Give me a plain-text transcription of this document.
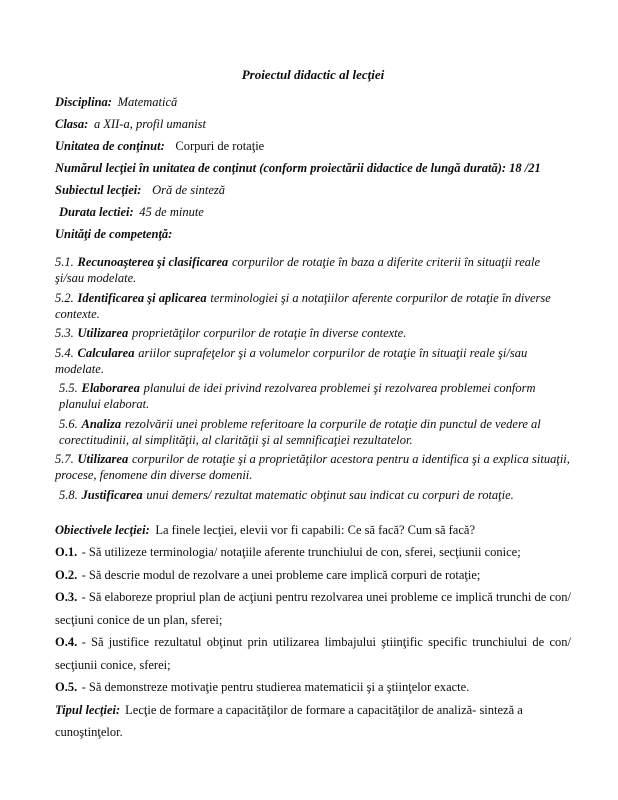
Proiectul didactic al lecţiei

Disciplina: Matematică

Clasa: a XII-a, profil umanist

Unitatea de conţinut: Corpuri de rotaţie

Numărul lecţiei în unitatea de conţinut (conform proiectării didactice de lungă durată): 18 /21

Subiectul lecţiei: Oră de sinteză

Durata lectiei: 45 de minute

Unităţi de competenţă:

5.1. Recunoaşterea şi clasificarea corpurilor de rotaţie în baza a diferite criterii în situaţii reale şi/sau modelate.

5.2. Identificarea şi aplicarea terminologiei şi a notaţiilor aferente corpurilor de rotaţie în diverse contexte.

5.3. Utilizarea proprietăţilor corpurilor de rotaţie în diverse contexte.

5.4. Calcularea ariilor suprafeţelor şi a volumelor corpurilor de rotaţie în situaţii reale şi/sau modelate.

5.5. Elaborarea planului de idei privind rezolvarea problemei şi rezolvarea problemei conform planului elaborat.

5.6. Analiza rezolvării unei probleme referitoare la corpurile de rotaţie din punctul de vedere al corectitudinii, al simplităţii, al clarităţii şi al semnificaţiei rezultatelor.

5.7. Utilizarea corpurilor de rotaţie şi a proprietăţilor acestora pentru a identifica şi a explica situaţii, procese, fenomene din diverse domenii.

5.8. Justificarea unui demers/ rezultat matematic obţinut sau indicat cu corpuri de rotaţie.

Obiectivele lecţiei: La finele lecţiei, elevii vor fi capabili: Ce să facă? Cum să facă?

O.1. - Să utilizeze terminologia/ notaţiile aferente trunchiului de con, sferei, secţiunii conice;

O.2. - Să descrie modul de rezolvare a unei probleme care implică corpuri de rotaţie;

O.3. - Să elaboreze propriul plan de acţiuni pentru rezolvarea unei probleme ce implică trunchi de con/ secţiuni conice de un plan, sferei;

O.4. - Să justifice rezultatul obţinut prin utilizarea limbajului ştiinţific specific trunchiului de con/ secţiunii conice, sferei;

O.5. - Să demonstreze motivaţie pentru studierea matematicii şi a ştiinţelor exacte.

Tipul lecţiei: Lecţie de formare a capacităţilor de formare a capacităţilor de analiză- sinteză a cunoştinţelor.
